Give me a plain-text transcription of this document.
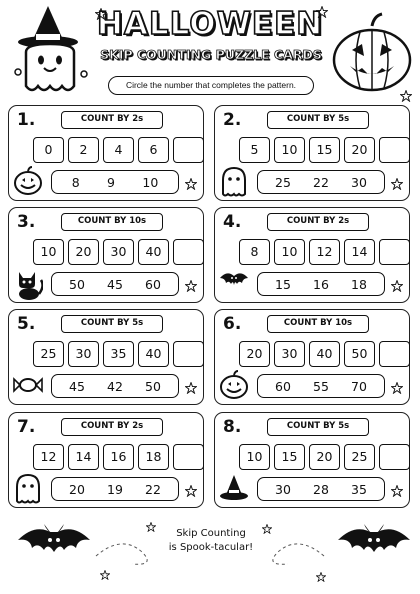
HALLOWEEN
SKIP COUNTING PUZZLE CARDS
Circle the number that completes the pattern.
1.	COUNT BY 2s
0	2	4	6
8 9 10
2.	COUNT BY 5s
5	10	15	20
25 22 30
3.	COUNT BY 10s
10	20	30	40
50 45 60
4.	COUNT BY 2s
8	10	12	14
15 16 18
5.	COUNT BY 5s
25	30	35	40
45 42 50
6.	COUNT BY 10s
20	30	40	50
60 55 70
7.	COUNT BY 2s
12	14	16	18
20 19 22
8.	COUNT BY 5s
10	15	20	25
30 28 35
Skip Counting
is Spook-tacular!
